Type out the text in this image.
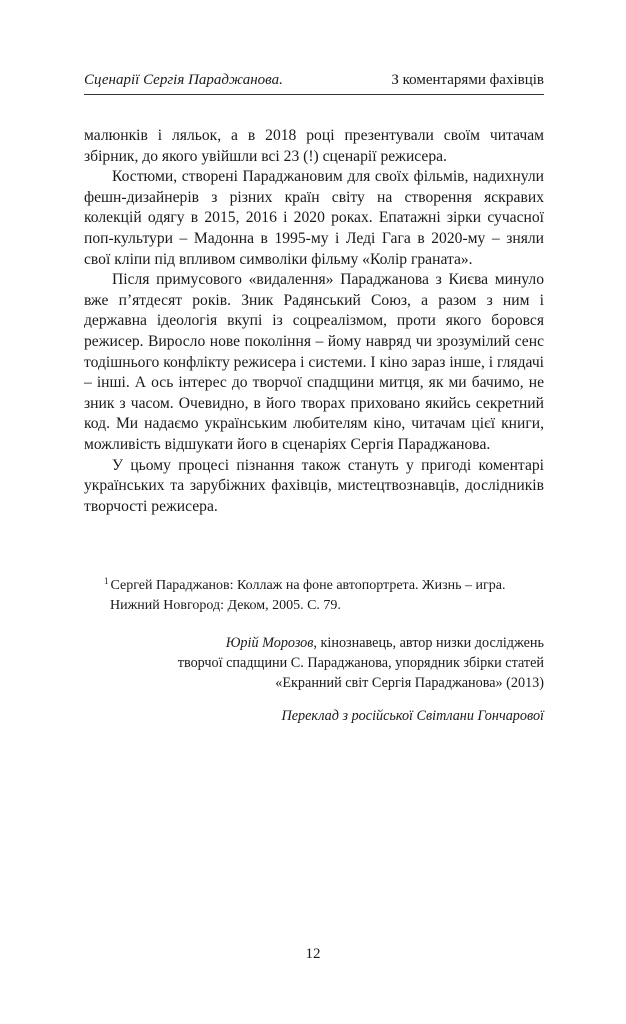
Сценарії Сергія Параджанова.	З коментарями фахівців

малюнків і ляльок, а в 2018 році презентували своїм читачам збірник, до якого увійшли всі 23 (!) сценарії режисера.

Костюми, створені Параджановим для своїх фільмів, надихнули фешн-дизайнерів з різних країн світу на створення яскравих колекцій одягу в 2015, 2016 і 2020 роках. Епатажні зірки сучасної поп-культури – Мадонна в 1995-му і Леді Гага в 2020-му – зняли свої кліпи під впливом символіки фільму «Колір граната».

Після примусового «видалення» Параджанова з Києва минуло вже п’ятдесят років. Зник Радянський Союз, а разом з ним і державна ідеологія вкупі із соцреалізмом, проти якого боровся режисер. Виросло нове покоління – йому навряд чи зрозумілий сенс тодішнього конфлікту режисера і системи. І кіно зараз інше, і глядачі – інші. А ось інтерес до творчої спадщини митця, як ми бачимо, не зник з часом. Очевидно, в його творах приховано якийсь секретний код. Ми надаємо українським любителям кіно, читачам цієї книги, можливість відшукати його в сценаріях Сергія Параджанова.

У цьому процесі пізнання також стануть у пригоді коментарі українських та зарубіжних фахівців, мистецтвознавців, дослідників творчості режисера.

$^1$ Сергей Параджанов: Коллаж на фоне автопортрета. Жизнь – игра.
Нижний Новгород: Деком, 2005. С. 79.
Юрій Морозов, кінознавець, автор низки досліджень
творчої спадщини С. Параджанова, упорядник збірки статей
«Екранний світ Сергія Параджанова» (2013)
Переклад з російської Світлани Гончарової
12
